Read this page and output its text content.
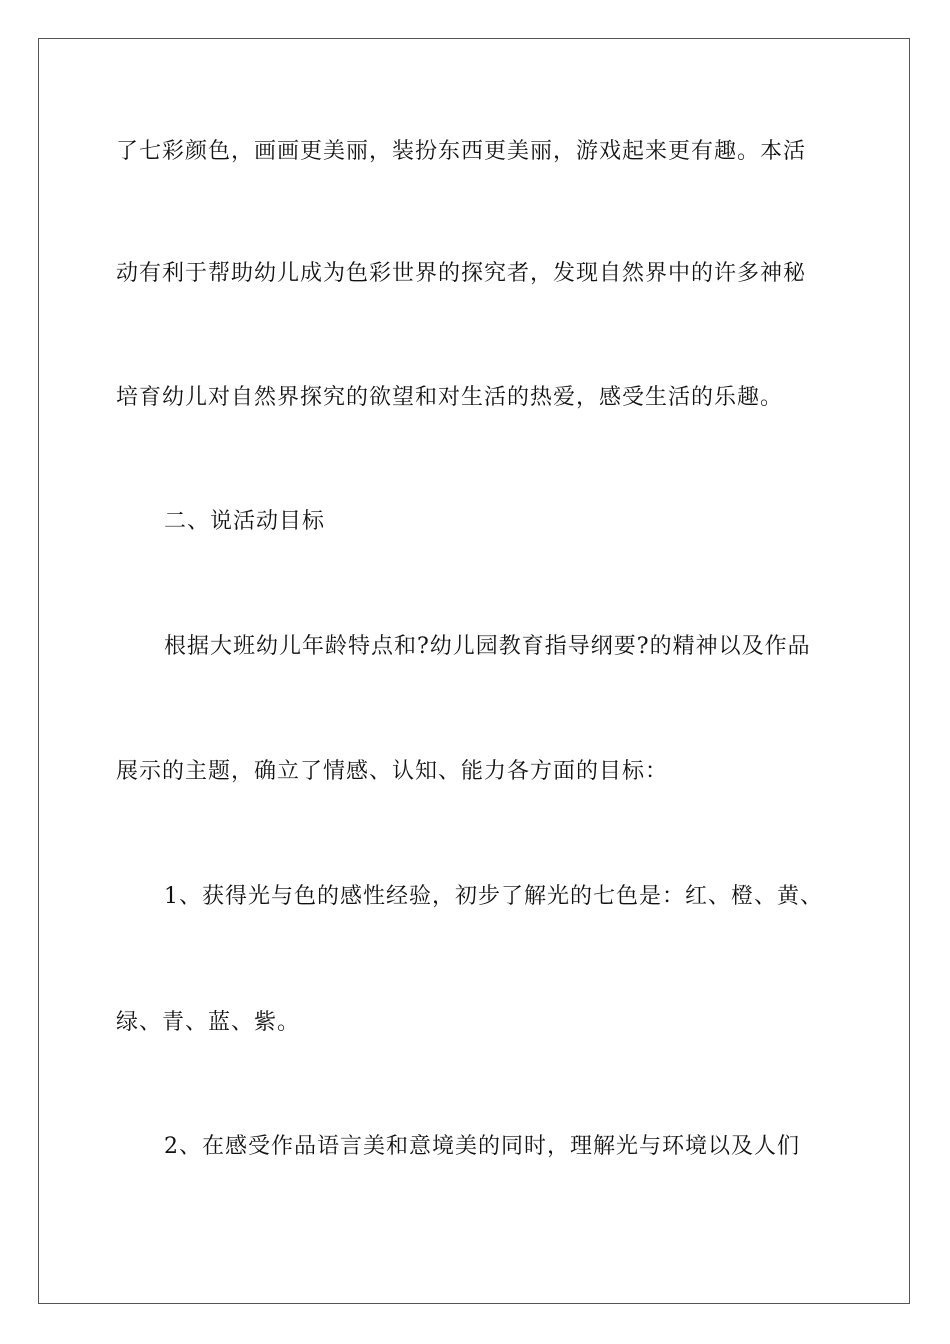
了七彩颜色，画画更美丽，装扮东西更美丽，游戏起来更有趣。本活
动有利于帮助幼儿成为色彩世界的探究者，发现自然界中的许多神秘
培育幼儿对自然界探究的欲望和对生活的热爱，感受生活的乐趣。
二、说活动目标
根据大班幼儿年龄特点和?幼儿园教育指导纲要?的精神以及作品
展示的主题，确立了情感、认知、能力各方面的目标：
1、获得光与色的感性经验，初步了解光的七色是：红、橙、黄、
绿、青、蓝、紫。
2、在感受作品语言美和意境美的同时，理解光与环境以及人们
